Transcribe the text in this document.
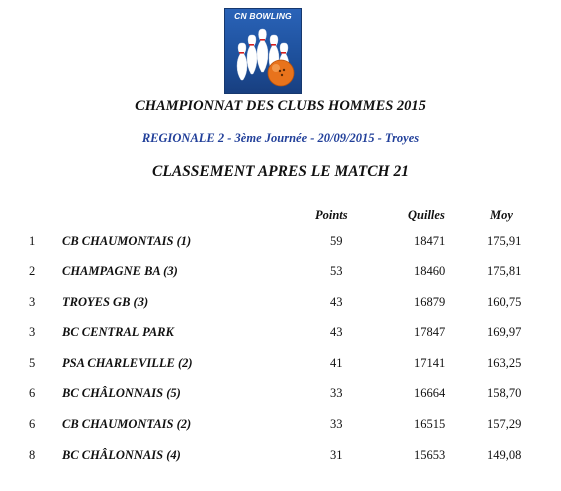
CN BOWLING
CHAMPIONNAT DES CLUBS HOMMES 2015
REGIONALE 2 - 3ème Journée - 20/09/2015 - Troyes
CLASSEMENT APRES LE MATCH 21
Points	Quilles	Moy
1 CB CHAUMONTAIS (1)	59	18471	175,91
2 CHAMPAGNE BA (3)	53	18460	175,81
3 TROYES GB (3)	43	16879	160,75
3 BC CENTRAL PARK	43	17847	169,97
5 PSA CHARLEVILLE (2)	41	17141	163,25
6 BC CHÂLONNAIS (5)	33	16664	158,70
6 CB CHAUMONTAIS (2)	33	16515	157,29
8 BC CHÂLONNAIS (4)	31	15653	149,08
